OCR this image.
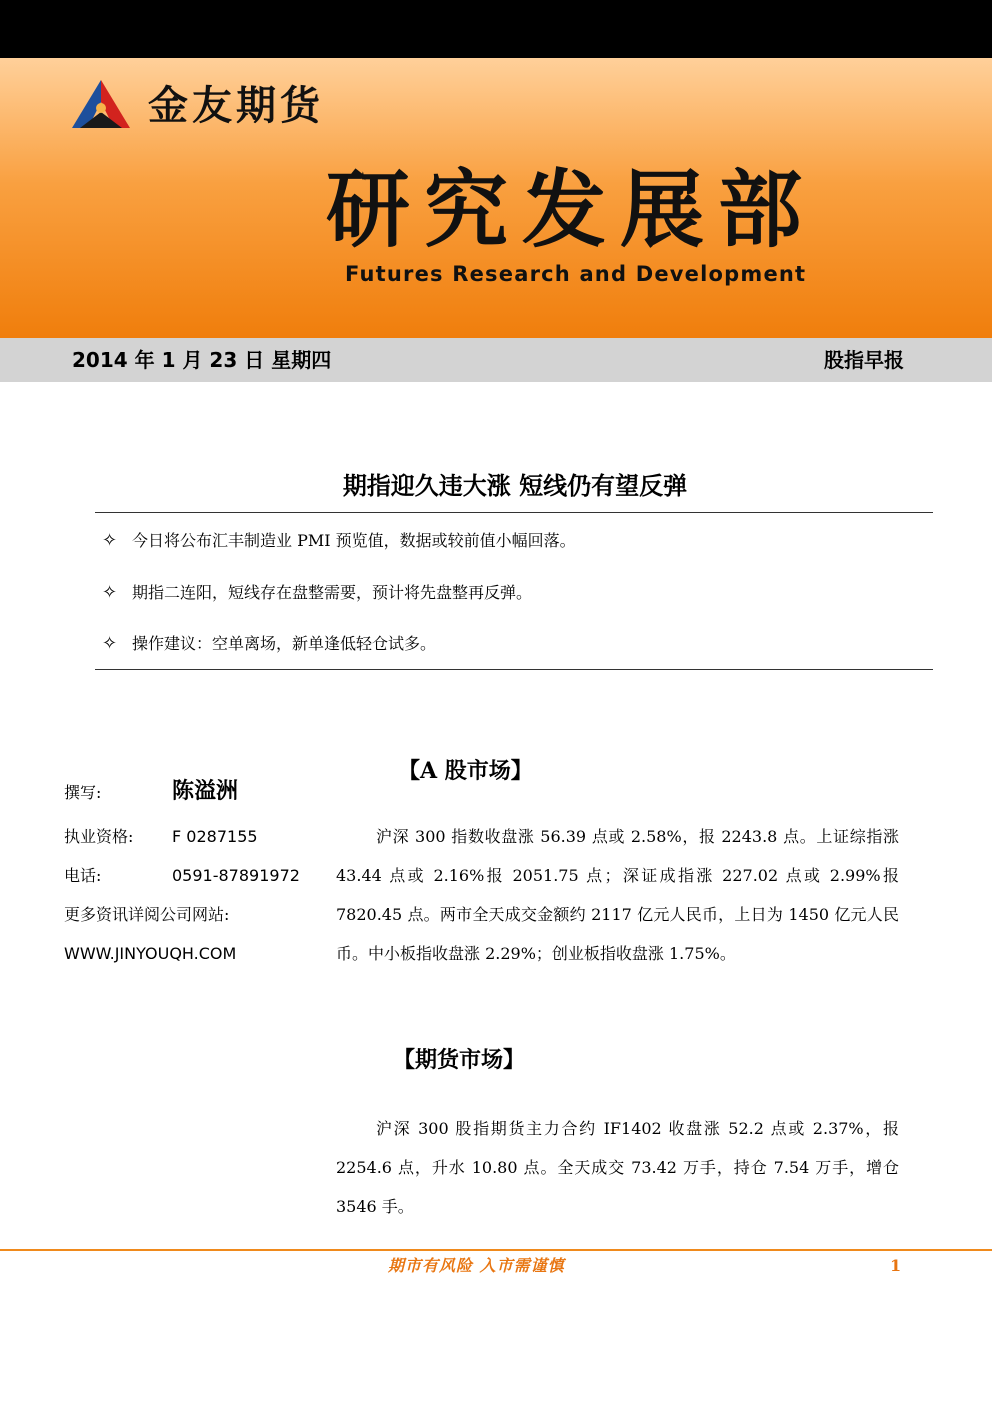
金友期货
研究发展部
Futures Research and Development
2014 年 1 月 23 日 星期四	股指早报
期指迎久违大涨 短线仍有望反弹
✧ 今日将公布汇丰制造业 PMI 预览值，数据或较前值小幅回落。
✧ 期指二连阳，短线存在盘整需要，预计将先盘整再反弹。
✧ 操作建议：空单离场，新单逢低轻仓试多。
【A 股市场】
撰写:	陈溢洲
执业资格: F 0287155
电话:	0591-87891972
更多资讯详阅公司网站:
WWW.JINYOUQH.COM
沪深 300 指数收盘涨 56.39 点或 2.58%，报 2243.8 点。上证综指涨 43.44 点或 2.16%报 2051.75 点；深证成指涨 227.02 点或 2.99%报 7820.45 点。两市全天成交金额约 2117 亿元人民币，上日为 1450 亿元人民币。中小板指收盘涨 2.29%；创业板指收盘涨 1.75%。
【期货市场】
沪深 300 股指期货主力合约 IF1402 收盘涨 52.2 点或 2.37%，报 2254.6 点，升水 10.80 点。全天成交 73.42 万手，持仓 7.54 万手，增仓 3546 手。
期市有风险 入市需谨慎	1
